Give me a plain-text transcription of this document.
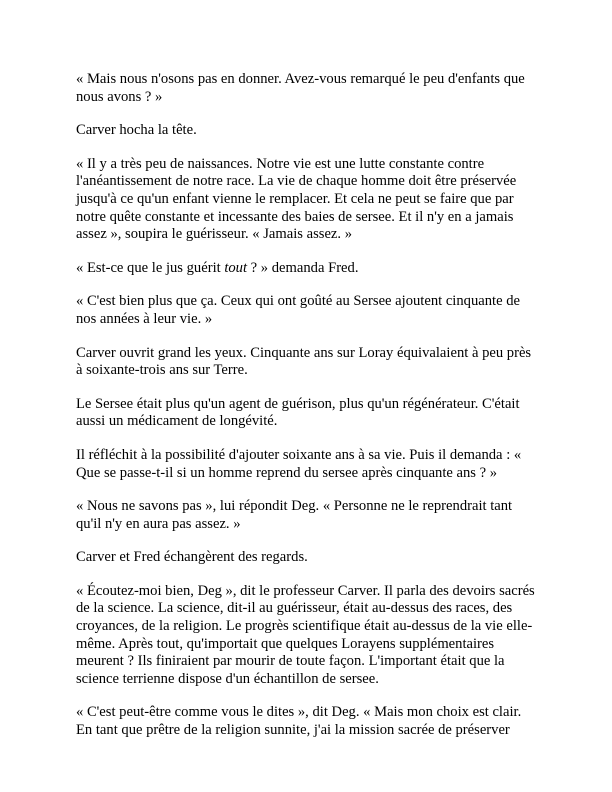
« Mais nous n'osons pas en donner. Avez-vous remarqué le peu d'enfants que nous avons ? »

Carver hocha la tête.

« Il y a très peu de naissances. Notre vie est une lutte constante contre l'anéantissement de notre race. La vie de chaque homme doit être préservée jusqu'à ce qu'un enfant vienne le remplacer. Et cela ne peut se faire que par notre quête constante et incessante des baies de sersee. Et il n'y en a jamais assez », soupira le guérisseur. « Jamais assez. »

« Est-ce que le jus guérit tout ? » demanda Fred.

« C'est bien plus que ça. Ceux qui ont goûté au Sersee ajoutent cinquante de nos années à leur vie. »

Carver ouvrit grand les yeux. Cinquante ans sur Loray équivalaient à peu près à soixante-trois ans sur Terre.

Le Sersee était plus qu'un agent de guérison, plus qu'un régénérateur. C'était aussi un médicament de longévité.

Il réfléchit à la possibilité d'ajouter soixante ans à sa vie. Puis il demanda : « Que se passe-t-il si un homme reprend du sersee après cinquante ans ? »

« Nous ne savons pas », lui répondit Deg. « Personne ne le reprendrait tant qu'il n'y en aura pas assez. »

Carver et Fred échangèrent des regards.

« Écoutez-moi bien, Deg », dit le professeur Carver. Il parla des devoirs sacrés de la science. La science, dit-il au guérisseur, était au-dessus des races, des croyances, de la religion. Le progrès scientifique était au-dessus de la vie elle-même. Après tout, qu'importait que quelques Lorayens supplémentaires meurent ? Ils finiraient par mourir de toute façon. L'important était que la science terrienne dispose d'un échantillon de sersee.

« C'est peut-être comme vous le dites », dit Deg. « Mais mon choix est clair. En tant que prêtre de la religion sunnite, j'ai la mission sacrée de préserver
